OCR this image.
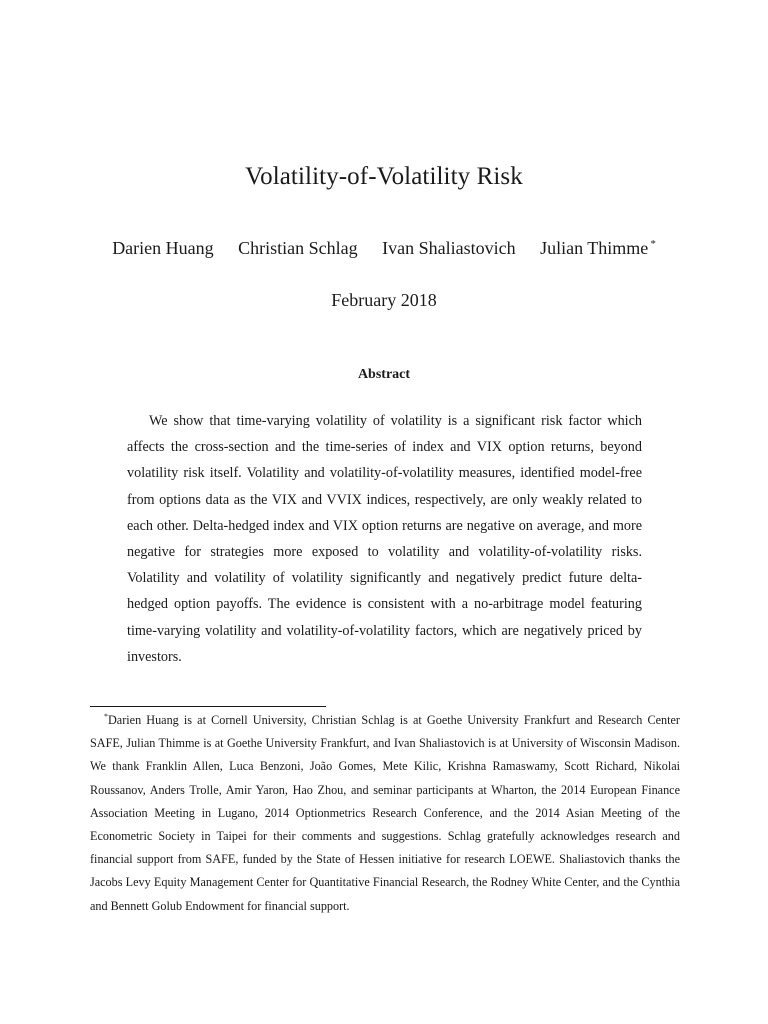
Volatility-of-Volatility Risk
Darien Huang Christian Schlag Ivan Shaliastovich Julian Thimme *
February 2018
Abstract

We show that time-varying volatility of volatility is a significant risk factor which affects the cross-section and the time-series of index and VIX option returns, beyond volatility risk itself. Volatility and volatility-of-volatility measures, identified model-free from options data as the VIX and VVIX indices, respectively, are only weakly related to each other. Delta-hedged index and VIX option returns are negative on average, and more negative for strategies more exposed to volatility and volatility-of-volatility risks. Volatility and volatility of volatility significantly and negatively predict future delta-hedged option payoffs. The evidence is consistent with a no-arbitrage model featuring time-varying volatility and volatility-of-volatility factors, which are negatively priced by investors.

*Darien Huang is at Cornell University, Christian Schlag is at Goethe University Frankfurt and Research Center SAFE, Julian Thimme is at Goethe University Frankfurt, and Ivan Shaliastovich is at University of Wisconsin Madison. We thank Franklin Allen, Luca Benzoni, João Gomes, Mete Kilic, Krishna Ramaswamy, Scott Richard, Nikolai Roussanov, Anders Trolle, Amir Yaron, Hao Zhou, and seminar participants at Wharton, the 2014 European Finance Association Meeting in Lugano, 2014 Optionmetrics Research Conference, and the 2014 Asian Meeting of the Econometric Society in Taipei for their comments and suggestions. Schlag gratefully acknowledges research and financial support from SAFE, funded by the State of Hessen initiative for research LOEWE. Shaliastovich thanks the Jacobs Levy Equity Management Center for Quantitative Financial Research, the Rodney White Center, and the Cynthia and Bennett Golub Endowment for financial support.
